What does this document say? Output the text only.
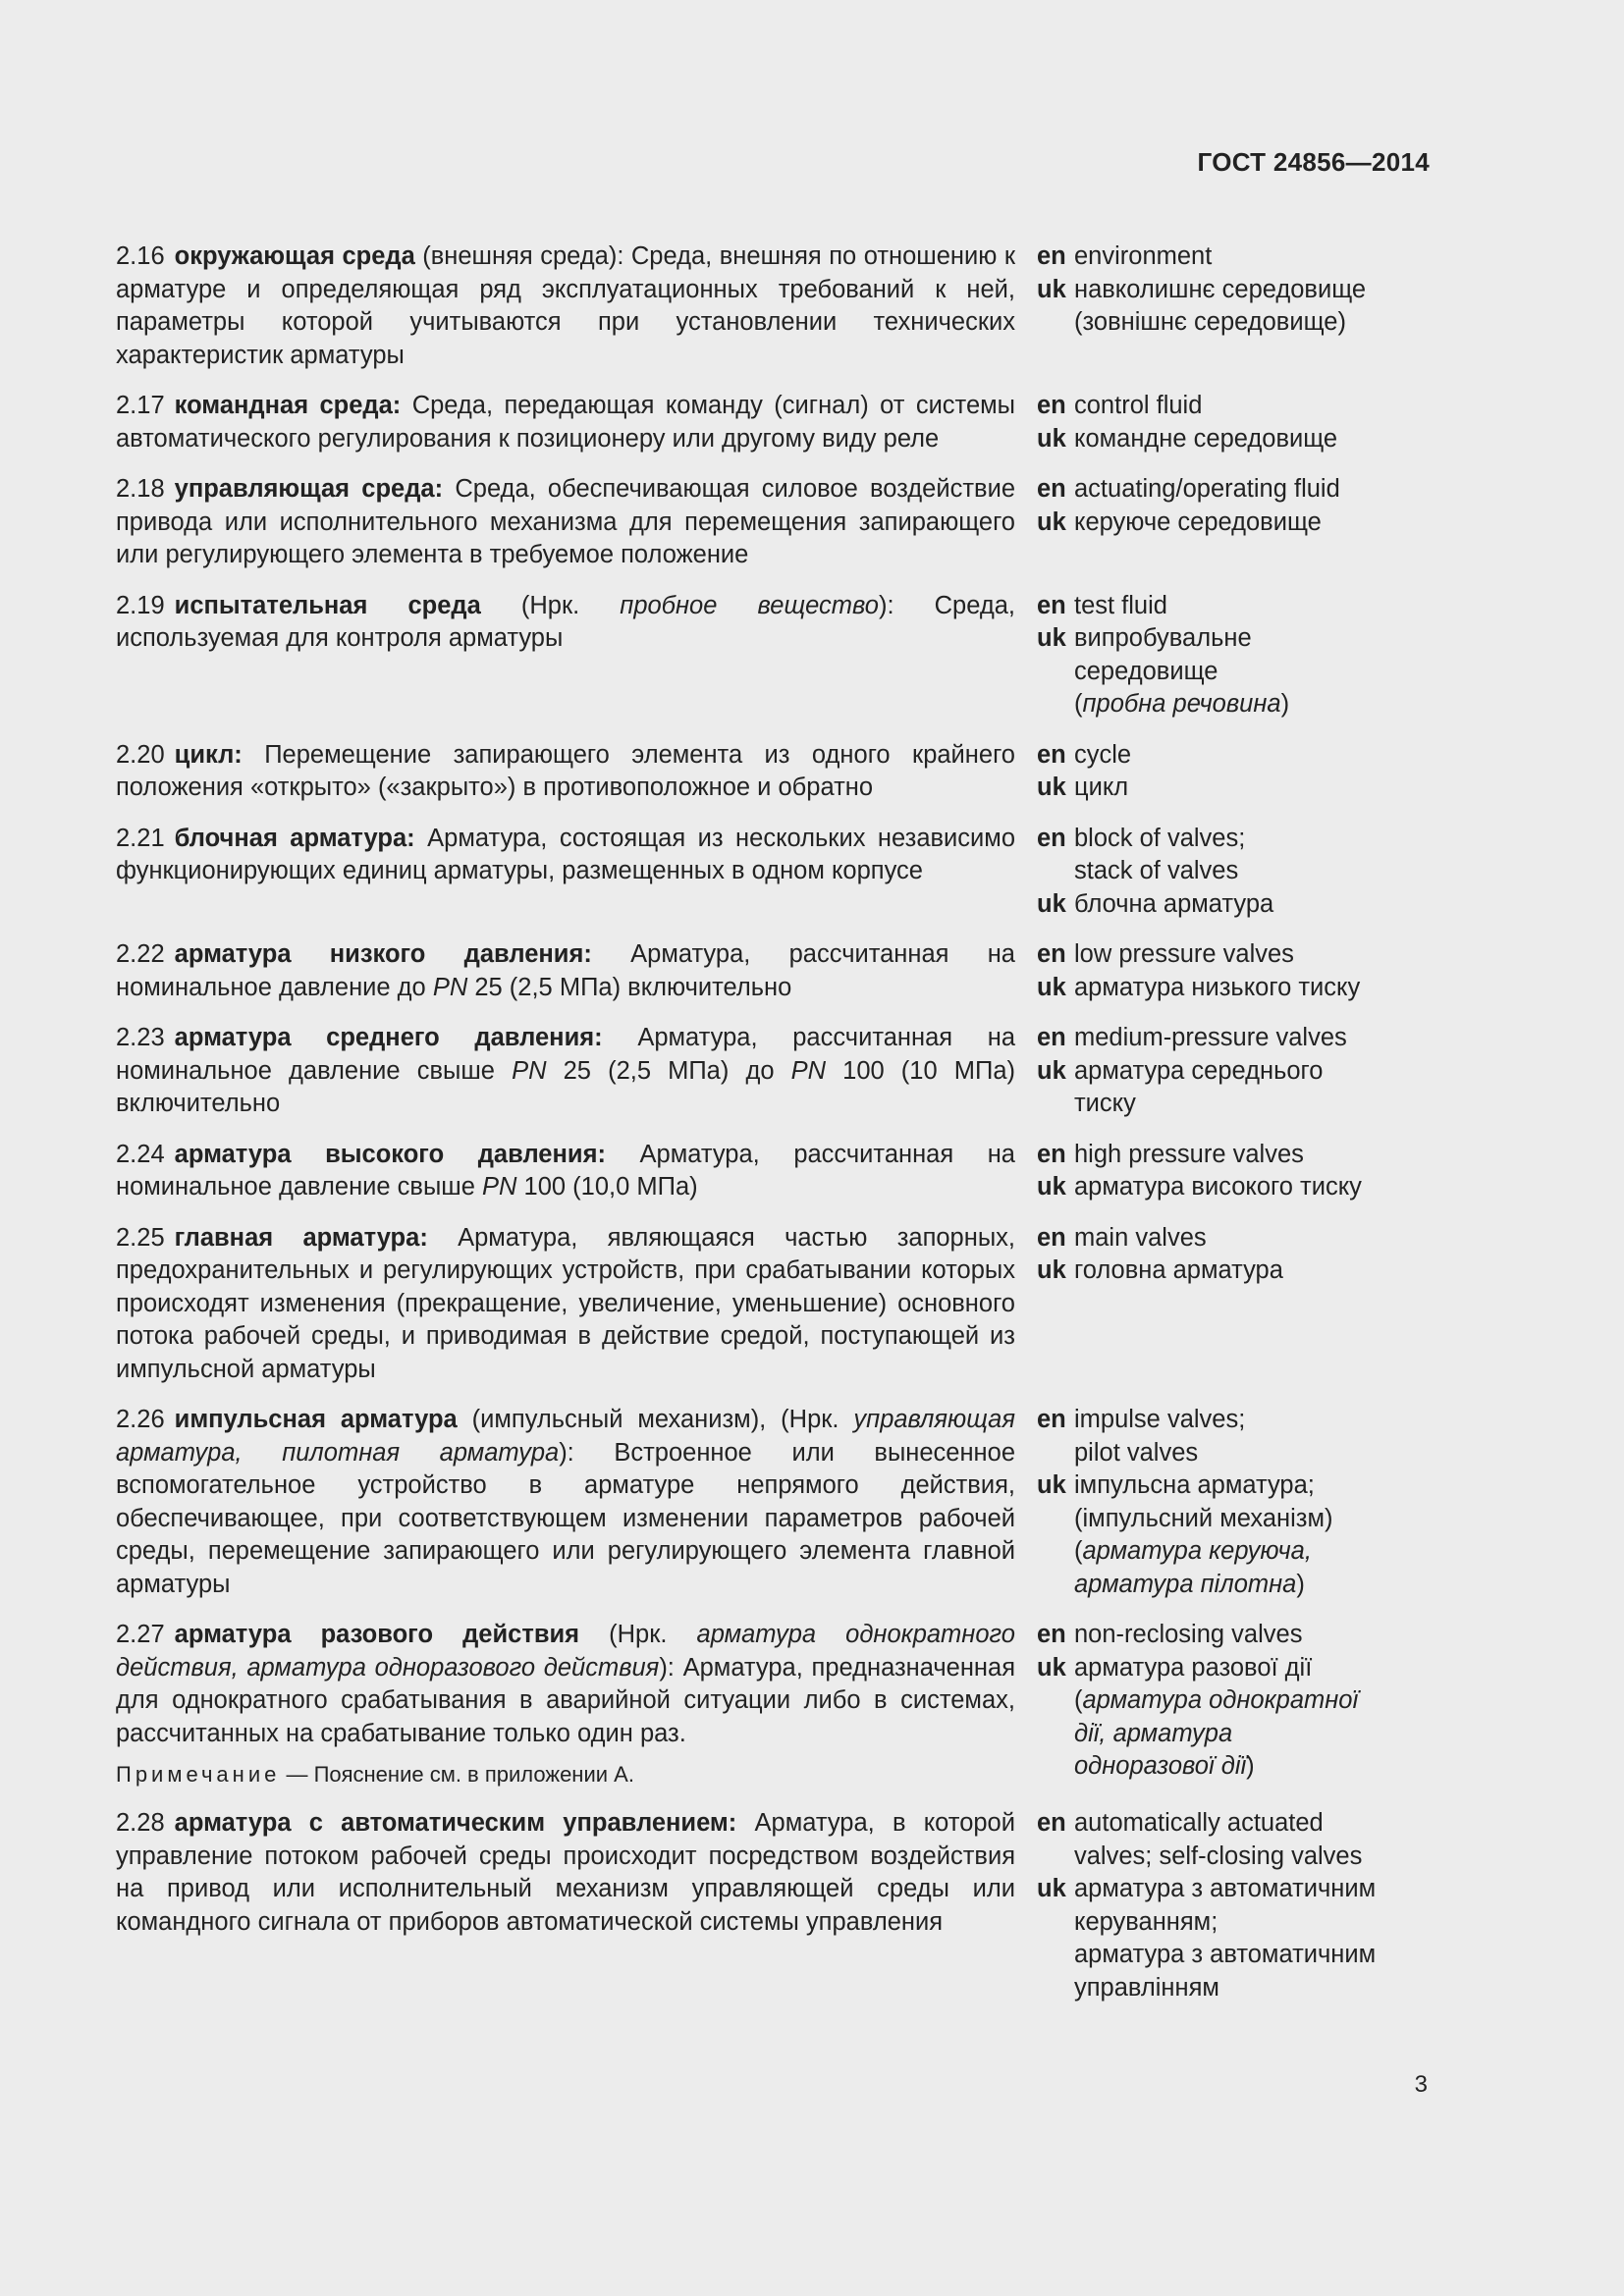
ГОСТ 24856—2014
2.16 окружающая среда (внешняя среда): Среда, внешняя по отношению к арматуре и определяющая ряд эксплуатационных требований к ней, параметры которой учитываются при установлении технических характеристик арматуры
en
uk

environment
навколишнє середовище
(зовнішнє середовище)
2.17 командная среда: Среда, передающая команду (сигнал) от системы автоматического регулирования к позиционеру или другому виду реле
en
uk
control fluid
командне середовище
2.18 управляющая среда: Среда, обеспечивающая силовое воздействие привода или исполнительного механизма для перемещения запирающего или регулирующего элемента в требуемое положение
en
uk
actuating/operating fluid
керуюче середовище
2.19 испытательная среда (Нрк. пробное вещество): Среда, используемая для контроля арматуры
en
uk

test fluid
випробувальне
середовище
(пробна речовина)
2.20 цикл: Перемещение запирающего элемента из одного крайнего положения «открыто» («закрыто») в противоположное и обратно
en
uk
cycle
цикл
2.21 блочная арматура: Арматура, состоящая из нескольких независимо функционирующих единиц арматуры, размещенных в одном корпусе
en

uk
block of valves;
stack of valves
блочна арматура
2.22 арматура низкого давления: Арматура, рассчитанная на номинальное давление до PN 25 (2,5 МПа) включительно
en
uk
low pressure valves
арматура низького тиску
2.23 арматура среднего давления: Арматура, рассчитанная на номинальное давление свыше PN 25 (2,5 МПа) до PN 100 (10 МПа) включительно
en
uk

medium-pressure valves
арматура середнього
тиску
2.24 арматура высокого давления: Арматура, рассчитанная на номинальное давление свыше PN 100 (10,0 МПа)
en
uk
high pressure valves
арматура високого тиску
2.25 главная арматура: Арматура, являющаяся частью запорных, предохранительных и регулирующих устройств, при срабатывании которых происходят изменения (прекращение, увеличение, уменьшение) основного потока рабочей среды, и приводимая в действие средой, поступающей из импульсной арматуры
en
uk
main valves
головна арматура
2.26 импульсная арматура (импульсный механизм), (Нрк. управляющая арматура, пилотная арматура): Встроенное или вынесенное вспомогательное устройство в арматуре непрямого действия, обеспечивающее, при соответствующем изменении параметров рабочей среды, перемещение запирающего или регулирующего элемента главной арматуры
en

uk

impulse valves;
pilot valves
імпульсна арматура;
(імпульсний механізм)
(арматура керуюча,
арматура пілотна)
2.27 арматура разового действия (Нрк. арматура однократного действия, арматура одноразового действия): Арматура, предназначенная для однократного срабатывания в аварийной ситуации либо в системах, рассчитанных на срабатывание только один раз.
Примечание — Пояснение см. в приложении А.
en
uk

non-reclosing valves
арматура разової дії
(арматура однократної
дії, арматура
одноразової дії)
2.28 арматура с автоматическим управлением: Арматура, в которой управление потоком рабочей среды происходит посредством воздействия на привод или исполнительный механизм управляющей среды или командного сигнала от приборов автоматической системы управления
en

uk

automatically actuated
valves; self-closing valves
арматура з автоматичним
керуванням;
арматура з автоматичним
управлінням
3
